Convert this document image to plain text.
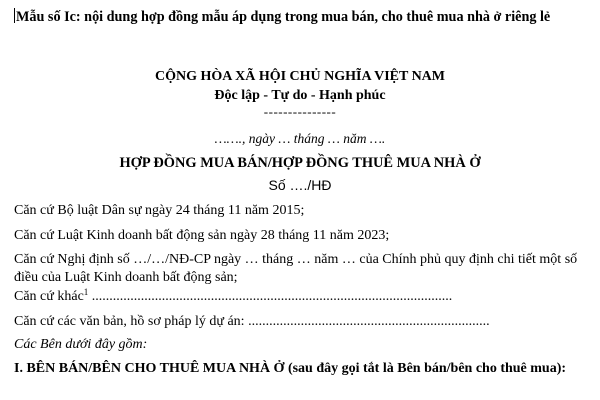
Mẫu số Ic: nội dung hợp đồng mẫu áp dụng trong mua bán, cho thuê mua nhà ở riêng lẻ
CỘNG HÒA XÃ HỘI CHỦ NGHĨA VIỆT NAM
Độc lập - Tự do - Hạnh phúc
---------------
……., ngày … tháng … năm ….
HỢP ĐỒNG MUA BÁN/HỢP ĐỒNG THUÊ MUA NHÀ Ở
Số …./HĐ
Căn cứ Bộ luật Dân sự ngày 24 tháng 11 năm 2015;
Căn cứ Luật Kinh doanh bất động sản ngày 28 tháng 11 năm 2023;
Căn cứ Nghị định số …/…/NĐ-CP ngày … tháng … năm … của Chính phủ quy định chi tiết một số điều của Luật Kinh doanh bất động sản;
Căn cứ khác$^1$ .......................................................................................................
Căn cứ các văn bản, hồ sơ pháp lý dự án: .....................................................................
Các Bên dưới đây gồm:
I. BÊN BÁN/BÊN CHO THUÊ MUA NHÀ Ở (sau đây gọi tắt là Bên bán/bên cho thuê mua):
